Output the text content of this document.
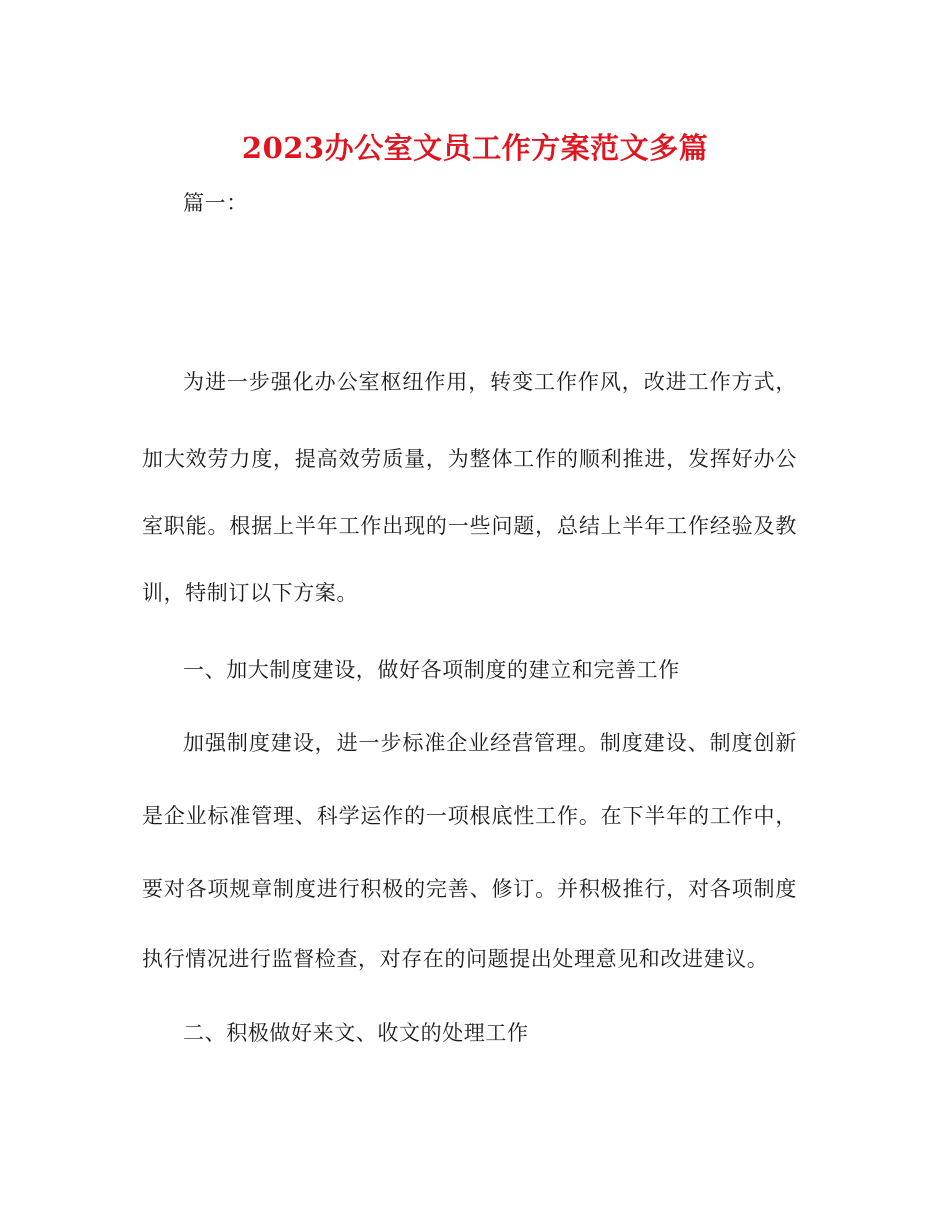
2023办公室文员工作方案范文多篇
篇一：
为进一步强化办公室枢纽作用，转变工作作风，改进工作方式，
加大效劳力度，提高效劳质量，为整体工作的顺利推进，发挥好办公
室职能。根据上半年工作出现的一些问题，总结上半年工作经验及教
训，特制订以下方案。
一、加大制度建设，做好各项制度的建立和完善工作
加强制度建设，进一步标准企业经营管理。制度建设、制度创新
是企业标准管理、科学运作的一项根底性工作。在下半年的工作中，
要对各项规章制度进行积极的完善、修订。并积极推行，对各项制度
执行情况进行监督检查，对存在的问题提出处理意见和改进建议。
二、积极做好来文、收文的处理工作
